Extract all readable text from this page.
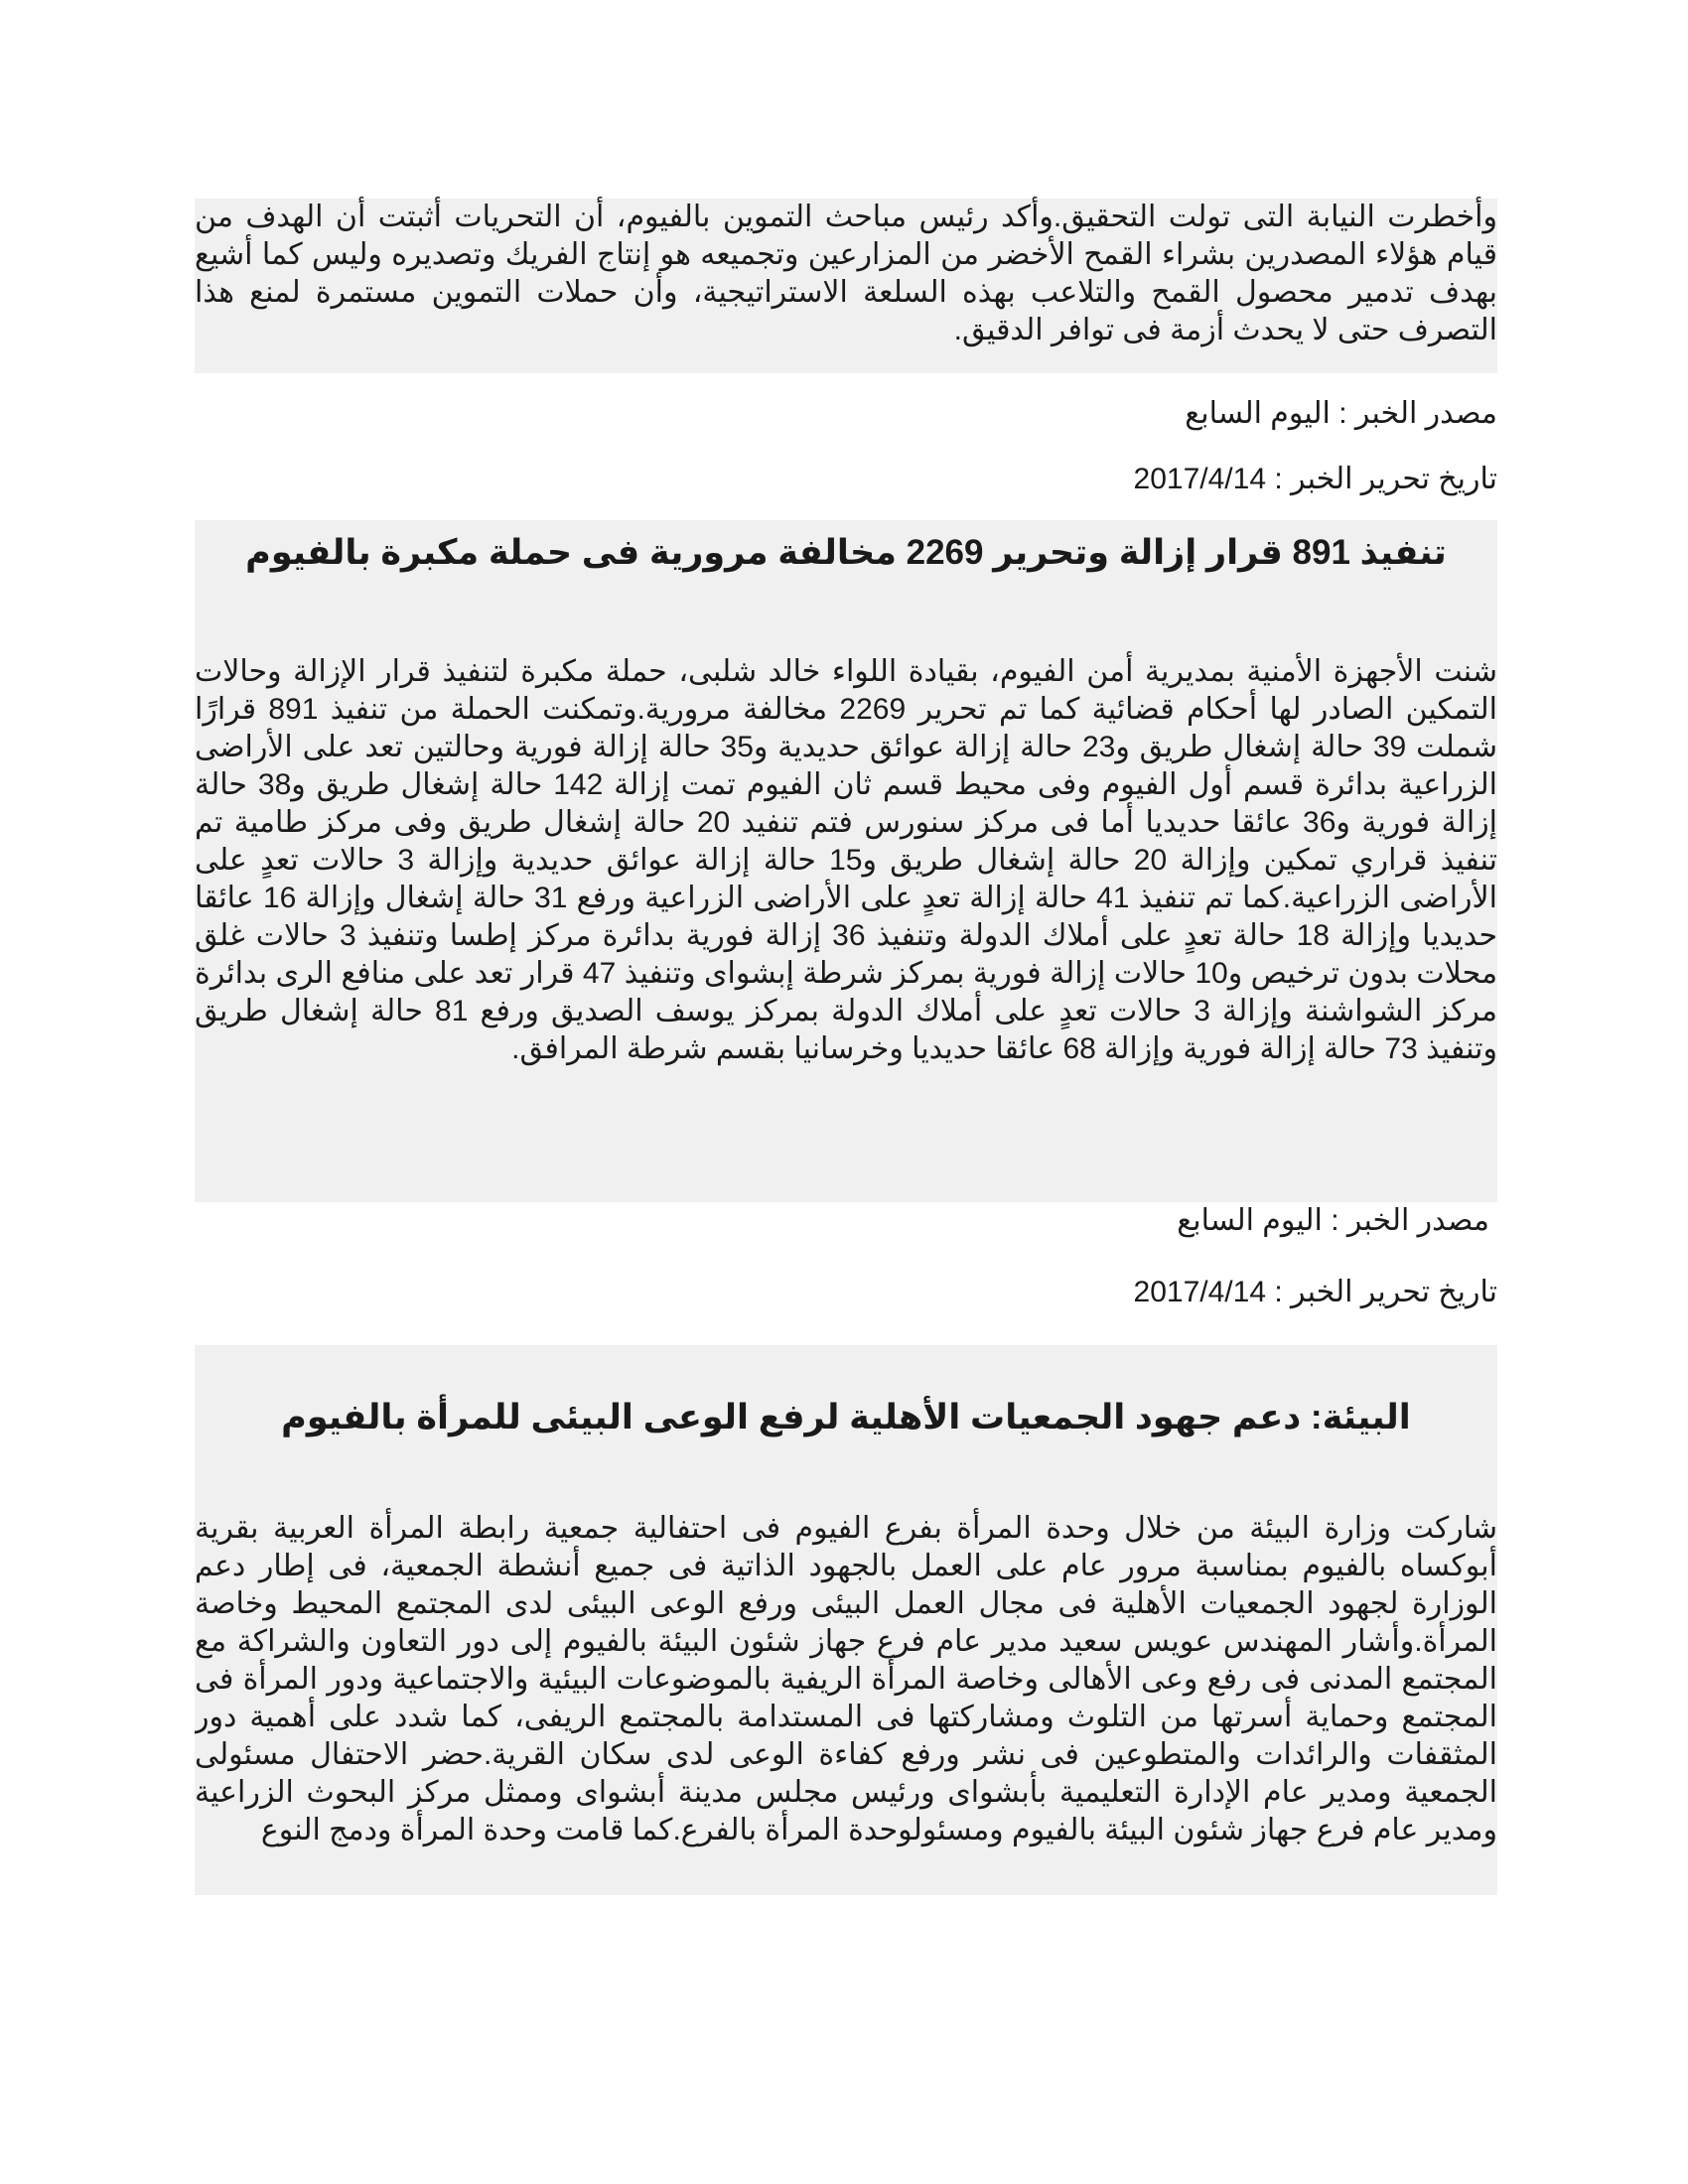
وأخطرت النيابة التى تولت التحقيق.وأكد رئيس مباحث التموين بالفيوم، أن التحريات أثبتت أن الهدف من قيام هؤلاء المصدرين بشراء القمح الأخضر من المزارعين وتجميعه هو إنتاج الفريك وتصديره وليس كما أشيع بهدف تدمير محصول القمح والتلاعب بهذه السلعة الاستراتيجية، وأن حملات التموين مستمرة لمنع هذا التصرف حتى لا يحدث أزمة فى توافر الدقيق.

مصدر الخبر : اليوم السابع

تاريخ تحرير الخبر : 2017/4/14

تنفيذ 891 قرار إزالة وتحرير 2269 مخالفة مرورية فى حملة مكبرة بالفيوم

شنت الأجهزة الأمنية بمديرية أمن الفيوم، بقيادة اللواء خالد شلبى، حملة مكبرة لتنفيذ قرار الإزالة وحالات التمكين الصادر لها أحكام قضائية كما تم تحرير 2269 مخالفة مرورية.وتمكنت الحملة من تنفيذ 891 قرارًا شملت 39 حالة إشغال طريق و23 حالة إزالة عوائق حديدية و35 حالة إزالة فورية وحالتين تعد على الأراضى الزراعية بدائرة قسم أول الفيوم وفى محيط قسم ثان الفيوم تمت إزالة 142 حالة إشغال طريق و38 حالة إزالة فورية و36 عائقا حديديا أما فى مركز سنورس فتم تنفيد 20 حالة إشغال طريق وفى مركز طامية تم تنفيذ قراري تمكين وإزالة 20 حالة إشغال طريق و15 حالة إزالة عوائق حديدية وإزالة 3 حالات تعدٍ على الأراضى الزراعية.كما تم تنفيذ 41 حالة إزالة تعدٍ على الأراضى الزراعية ورفع 31 حالة إشغال وإزالة 16 عائقا حديديا وإزالة 18 حالة تعدٍ على أملاك الدولة وتنفيذ 36 إزالة فورية بدائرة مركز إطسا وتنفيذ 3 حالات غلق محلات بدون ترخيص و10 حالات إزالة فورية بمركز شرطة إبشواى وتنفيذ 47 قرار تعد على منافع الرى بدائرة مركز الشواشنة وإزالة 3 حالات تعدٍ على أملاك الدولة بمركز يوسف الصديق ورفع 81 حالة إشغال طريق وتنفيذ 73 حالة إزالة فورية وإزالة 68 عائقا حديديا وخرسانيا بقسم شرطة المرافق.

مصدر الخبر : اليوم السابع

تاريخ تحرير الخبر : 2017/4/14

البيئة: دعم جهود الجمعيات الأهلية لرفع الوعى البيئى للمرأة بالفيوم

شاركت وزارة البيئة من خلال وحدة المرأة بفرع الفيوم فى احتفالية جمعية رابطة المرأة العربية بقرية أبوكساه بالفيوم بمناسبة مرور عام على العمل بالجهود الذاتية فى جميع أنشطة الجمعية، فى إطار دعم الوزارة لجهود الجمعيات الأهلية فى مجال العمل البيئى ورفع الوعى البيئى لدى المجتمع المحيط وخاصة المرأة.وأشار المهندس عويس سعيد مدير عام فرع جهاز شئون البيئة بالفيوم إلى دور التعاون والشراكة مع المجتمع المدنى فى رفع وعى الأهالى وخاصة المرأة الريفية بالموضوعات البيئية والاجتماعية ودور المرأة فى المجتمع وحماية أسرتها من التلوث ومشاركتها فى المستدامة بالمجتمع الريفى، كما شدد على أهمية دور المثقفات والرائدات والمتطوعين فى نشر ورفع كفاءة الوعى لدى سكان القرية.حضر الاحتفال مسئولى الجمعية ومدير عام الإدارة التعليمية بأبشواى ورئيس مجلس مدينة أبشواى وممثل مركز البحوث الزراعية ومدير عام فرع جهاز شئون البيئة بالفيوم ومسئولوحدة المرأة بالفرع.كما قامت وحدة المرأة ودمج النوع
